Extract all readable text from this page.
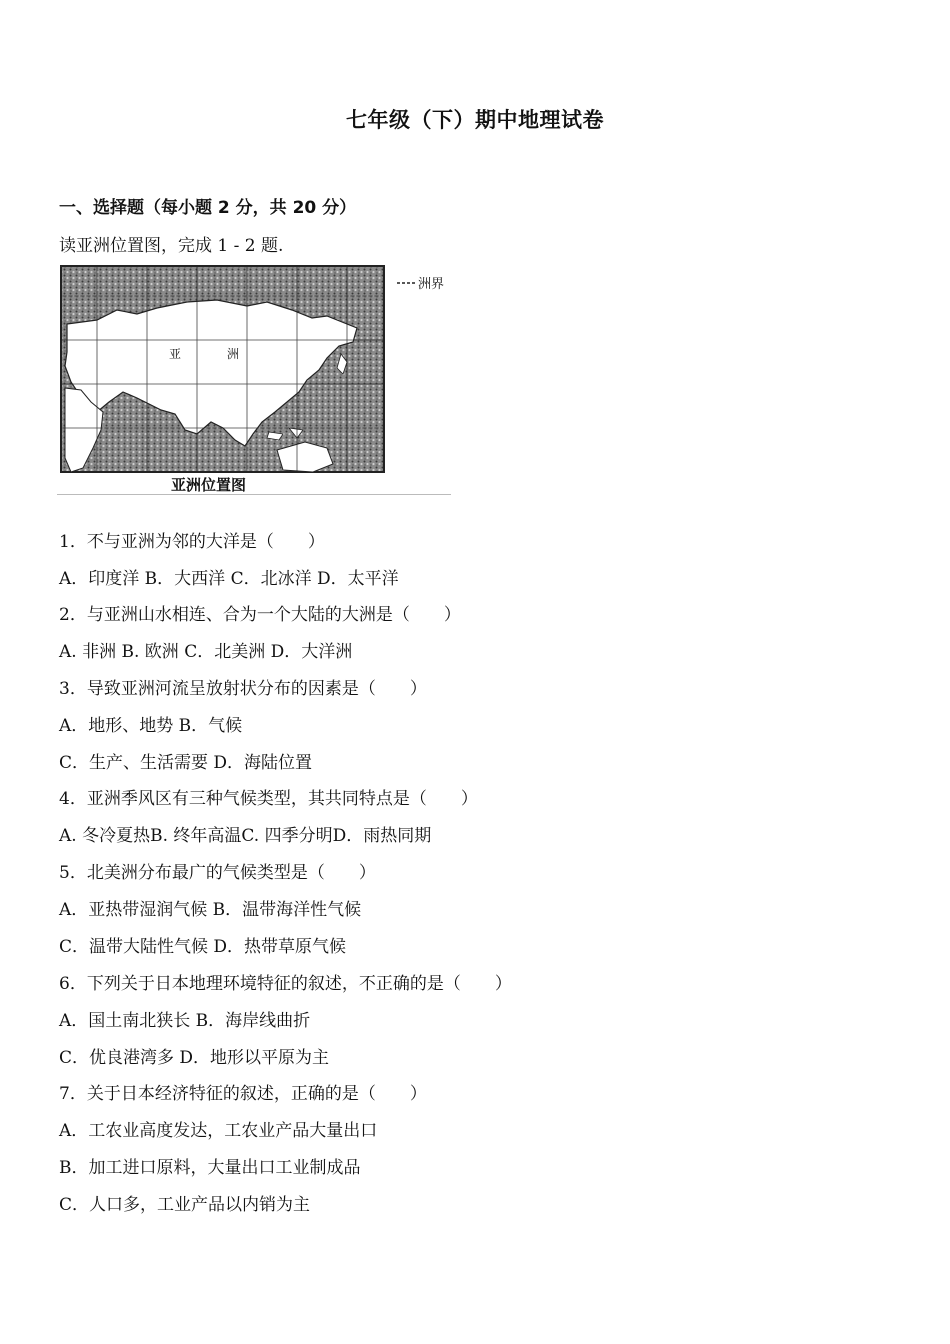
七年级（下）期中地理试卷
一、选择题（每小题 2 分，共 20 分）
读亚洲位置图，完成 1 - 2 题.
亚	洲
洲界
亚洲位置图
1．不与亚洲为邻的大洋是（　　）
A．印度洋 B．大西洋 C．北冰洋 D．太平洋
2．与亚洲山水相连、合为一个大陆的大洲是（　　）
A. 非洲 B. 欧洲 C．北美洲 D．大洋洲
3．导致亚洲河流呈放射状分布的因素是（　　）
A．地形、地势 B．气候
C．生产、生活需要 D．海陆位置
4．亚洲季风区有三种气候类型，其共同特点是（　　）
A. 冬冷夏热B. 终年高温C. 四季分明D．雨热同期
5．北美洲分布最广的气候类型是（　　）
A．亚热带湿润气候 B．温带海洋性气候
C．温带大陆性气候 D．热带草原气候
6．下列关于日本地理环境特征的叙述，不正确的是（　　）
A．国土南北狭长 B．海岸线曲折
C．优良港湾多 D．地形以平原为主
7．关于日本经济特征的叙述，正确的是（　　）
A．工农业高度发达，工农业产品大量出口
B．加工进口原料，大量出口工业制成品
C．人口多，工业产品以内销为主
